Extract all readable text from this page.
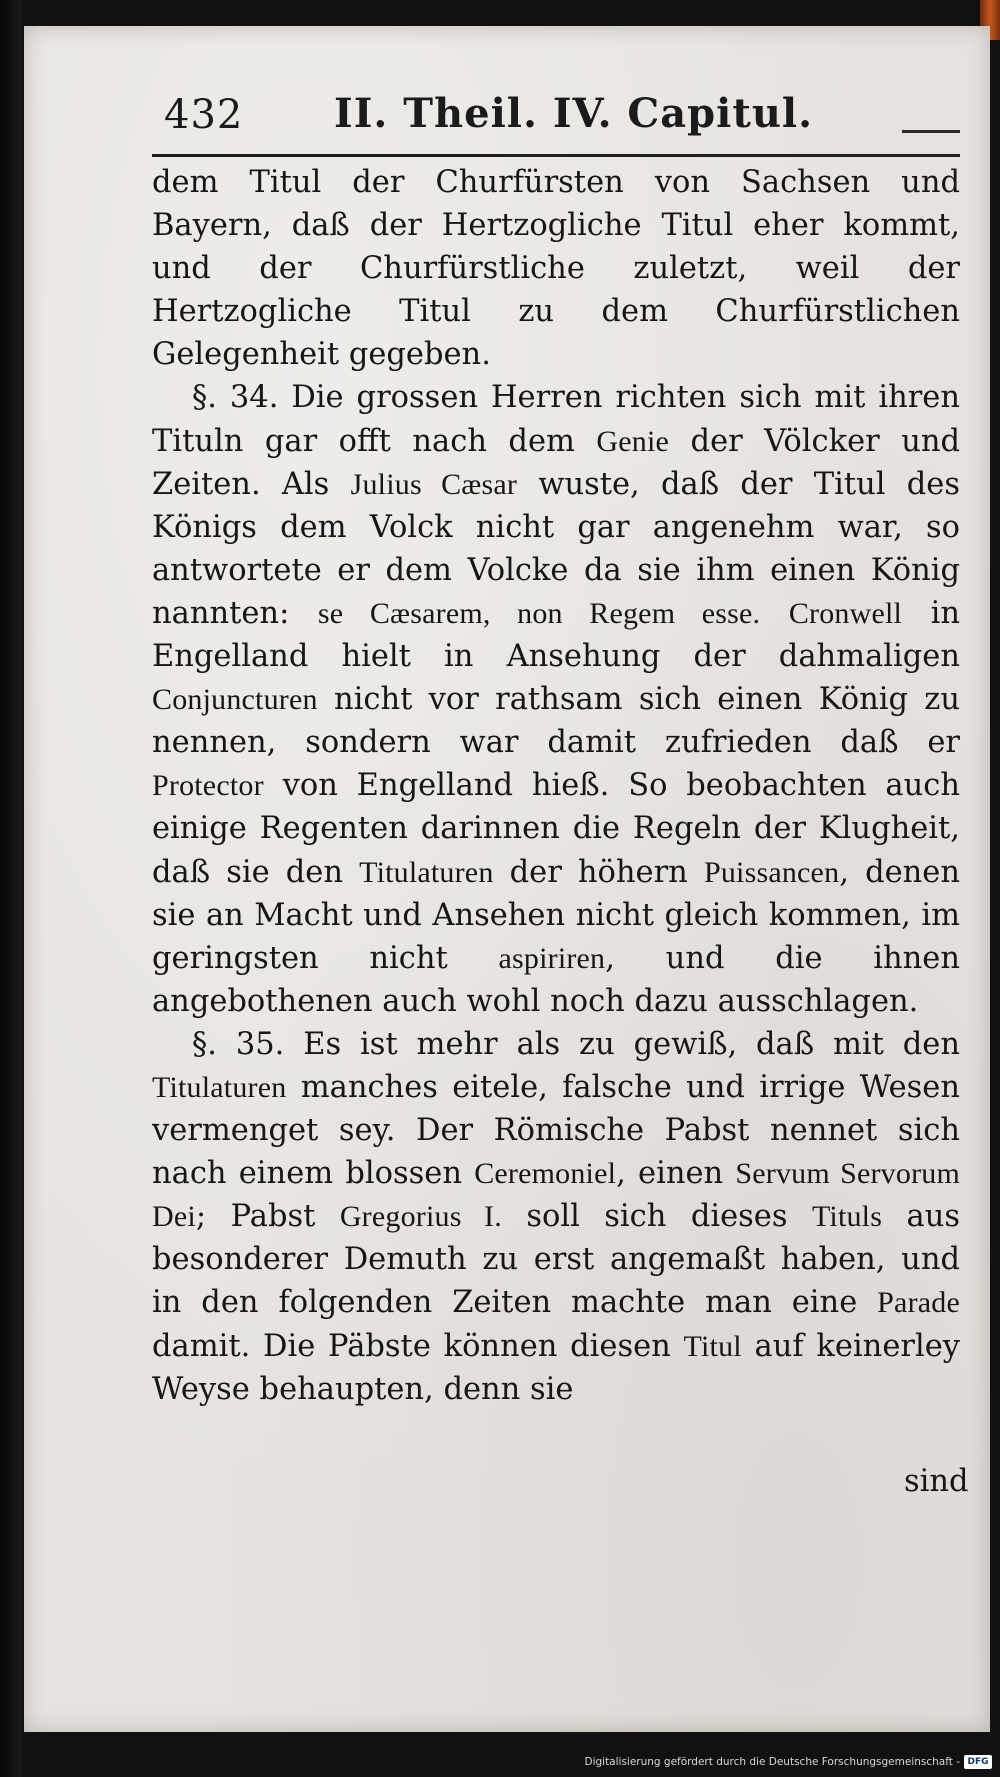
432 II. Theil. IV. Capitul.

dem Titul der Churfürsten von Sachsen und Bayern, daß der Hertzogliche Titul eher kommt, und der Churfürstliche zuletzt, weil der Hertzogliche Titul zu dem Churfürstlichen Gelegenheit gegeben.

§. 34. Die grossen Herren richten sich mit ihren Tituln gar offt nach dem Genie der Völcker und Zeiten. Als Julius Cæsar wuste, daß der Titul des Königs dem Volck nicht gar angenehm war, so antwortete er dem Volcke da sie ihm einen König nannten: se Cæsarem, non Regem esse. Cronwell in Engelland hielt in Ansehung der dahmaligen Conjuncturen nicht vor rathsam sich einen König zu nennen, sondern war damit zufrieden daß er Protector von Engelland hieß. So beobachten auch einige Regenten darinnen die Regeln der Klugheit, daß sie den Titulaturen der höhern Puissancen, denen sie an Macht und Ansehen nicht gleich kommen, im geringsten nicht aspiriren, und die ihnen angebothenen auch wohl noch dazu ausschlagen.

§. 35. Es ist mehr als zu gewiß, daß mit den Titulaturen manches eitele, falsche und irrige Wesen vermenget sey. Der Römische Pabst nennet sich nach einem blossen Ceremoniel, einen Servum Servorum Dei; Pabst Gregorius I. soll sich dieses Tituls aus besonderer Demuth zu erst angemaßt haben, und in den folgenden Zeiten machte man eine Parade damit. Die Päbste können diesen Titul auf keinerley Weyse behaupten, denn sie

sind
Digitalisierung gefördert durch die Deutsche Forschungsgemeinschaft - DFG
